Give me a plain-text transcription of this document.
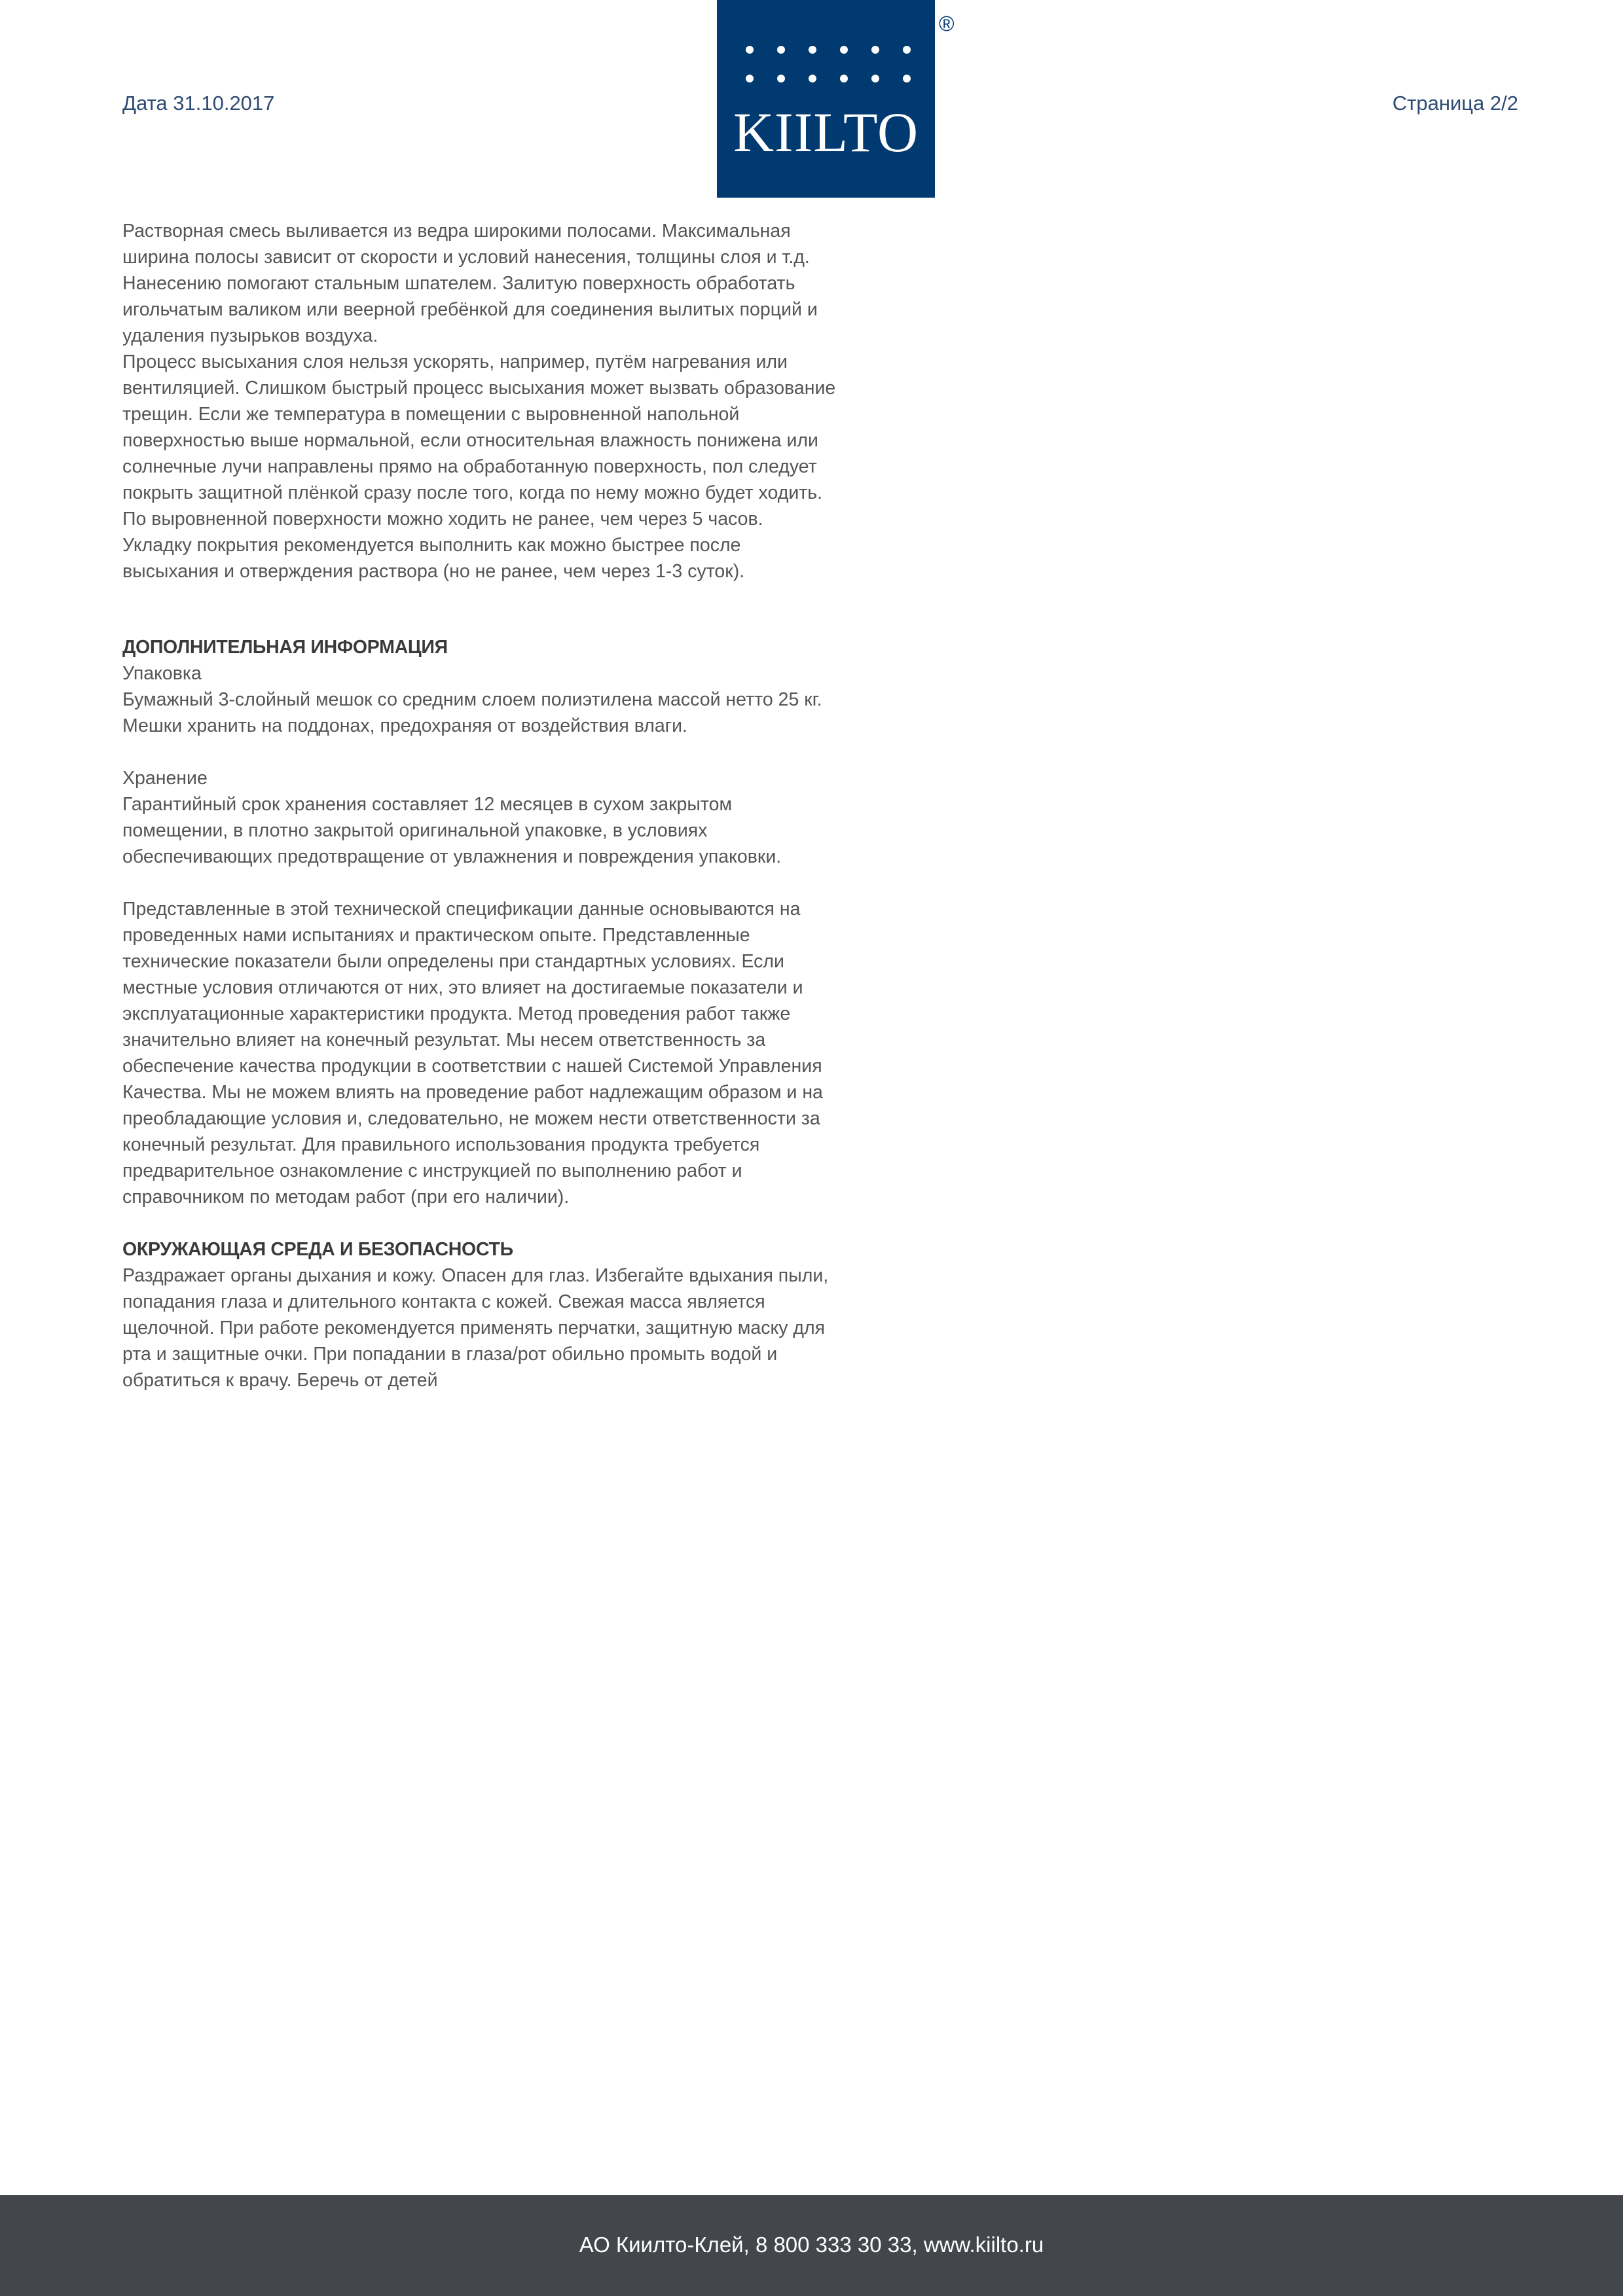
Дата 31.10.2017	KIILTO
®
Страница 2/2

Растворная смесь выливается из ведра широкими полосами. Максимальная ширина полосы зависит от скорости и условий нанесения, толщины слоя и т.д. Нанесению помогают стальным шпателем. Залитую поверхность обработать игольчатым валиком или веерной гребёнкой для соединения вылитых порций и удаления пузырьков воздуха.

Процесс высыхания слоя нельзя ускорять, например, путём нагревания или вентиляцией. Слишком быстрый процесс высыхания может вызвать образование трещин. Если же температура в помещении с выровненной напольной поверхностью выше нормальной, если относительная влажность понижена или солнечные лучи направлены прямо на обработанную поверхность, пол следует покрыть защитной плёнкой сразу после того, когда по нему можно будет ходить.

По выровненной поверхности можно ходить не ранее, чем через 5 часов. Укладку покрытия рекомендуется выполнить как можно быстрее после высыхания и отверждения раствора (но не ранее, чем через 1-3 суток).

ДОПОЛНИТЕЛЬНАЯ ИНФОРМАЦИЯ

Упаковка

Бумажный 3-слойный мешок со средним слоем полиэтилена массой нетто 25 кг. Мешки хранить на поддонах, предохраняя от воздействия влаги.

Хранение

Гарантийный срок хранения составляет 12 месяцев в сухом закрытом помещении, в плотно закрытой оригинальной упаковке, в условиях обеспечивающих предотвращение от увлажнения и повреждения упаковки.

Представленные в этой технической спецификации данные основываются на проведенных нами испытаниях и практическом опыте. Представленные технические показатели были определены при стандартных условиях. Если местные условия отличаются от них, это влияет на достигаемые показатели и эксплуатационные характеристики продукта. Метод проведения работ также значительно влияет на конечный результат. Мы несем ответственность за обеспечение качества продукции в соответствии с нашей Системой Управления Качества. Мы не можем влиять на проведение работ надлежащим образом и на преобладающие условия и, следовательно, не можем нести ответственности за конечный результат. Для правильного использования продукта требуется предварительное ознакомление с инструкцией по выполнению работ и справочником по методам работ (при его наличии).

ОКРУЖАЮЩАЯ СРЕДА И БЕЗОПАСНОСТЬ

Раздражает органы дыхания и кожу. Опасен для глаз. Избегайте вдыхания пыли, попадания глаза и длительного контакта с кожей. Свежая масса является щелочной. При работе рекомендуется применять перчатки, защитную маску для рта и защитные очки. При попадании в глаза/рот обильно промыть водой и обратиться к врачу. Беречь от детей

АО Киилто-Клей, 8 800 333 30 33, www.kiilto.ru
